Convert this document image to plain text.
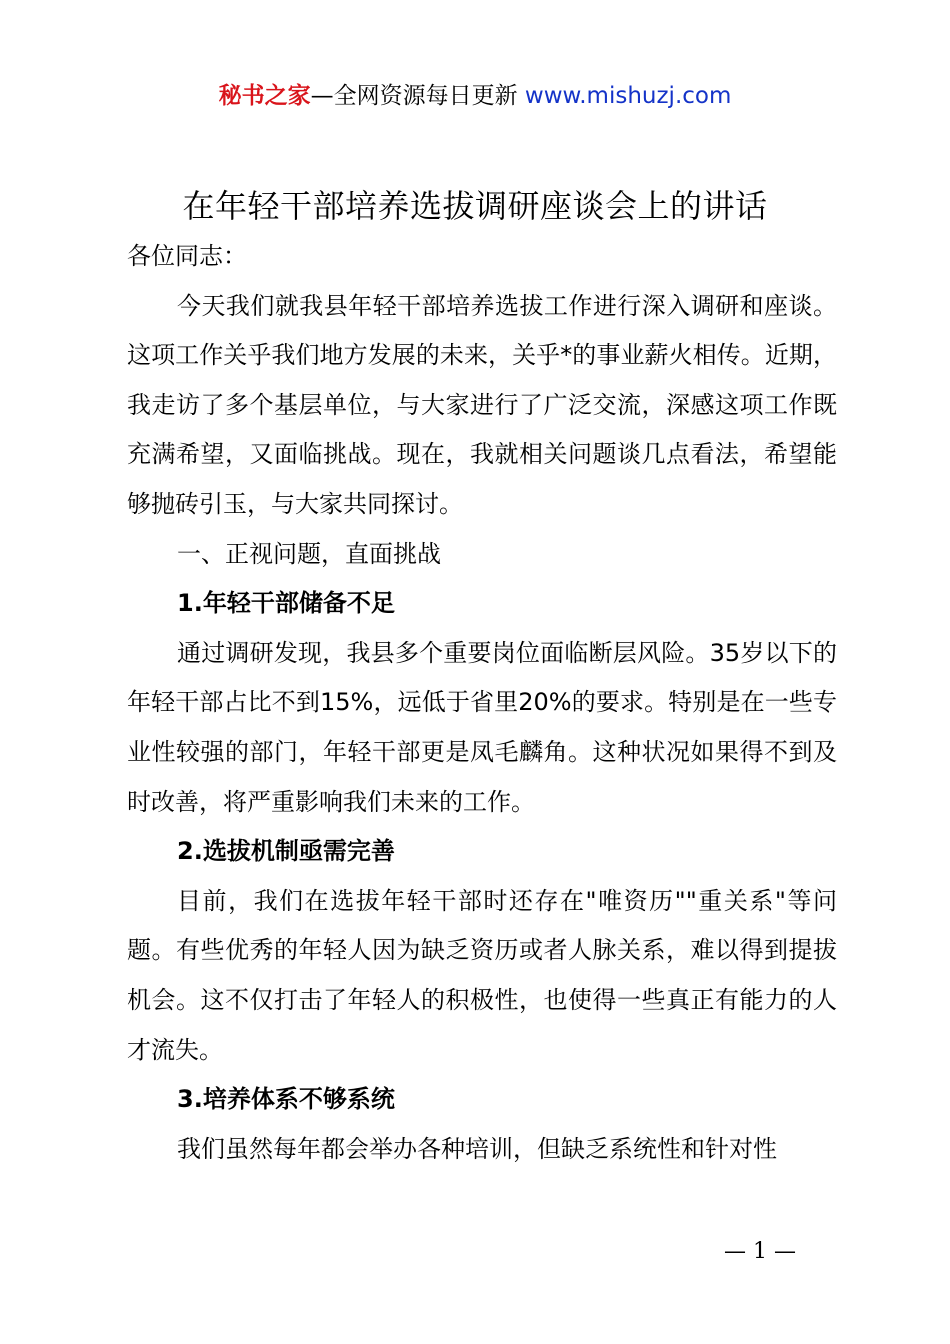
秘书之家—全网资源每日更新 www.mishuzj.com
在年轻干部培养选拔调研座谈会上的讲话

各位同志：

今天我们就我县年轻干部培养选拔工作进行深入调研和座谈。这项工作关乎我们地方发展的未来，关乎*的事业薪火相传。近期，我走访了多个基层单位，与大家进行了广泛交流，深感这项工作既充满希望，又面临挑战。现在，我就相关问题谈几点看法，希望能够抛砖引玉，与大家共同探讨。

一、正视问题，直面挑战

1.年轻干部储备不足

通过调研发现，我县多个重要岗位面临断层风险。35岁以下的年轻干部占比不到15%，远低于省里20%的要求。特别是在一些专业性较强的部门，年轻干部更是凤毛麟角。这种状况如果得不到及时改善，将严重影响我们未来的工作。

2.选拔机制亟需完善

目前，我们在选拔年轻干部时还存在"唯资历""重关系"等问题。有些优秀的年轻人因为缺乏资历或者人脉关系，难以得到提拔机会。这不仅打击了年轻人的积极性，也使得一些真正有能力的人才流失。

3.培养体系不够系统

我们虽然每年都会举办各种培训，但缺乏系统性和针对性

— 1 —
